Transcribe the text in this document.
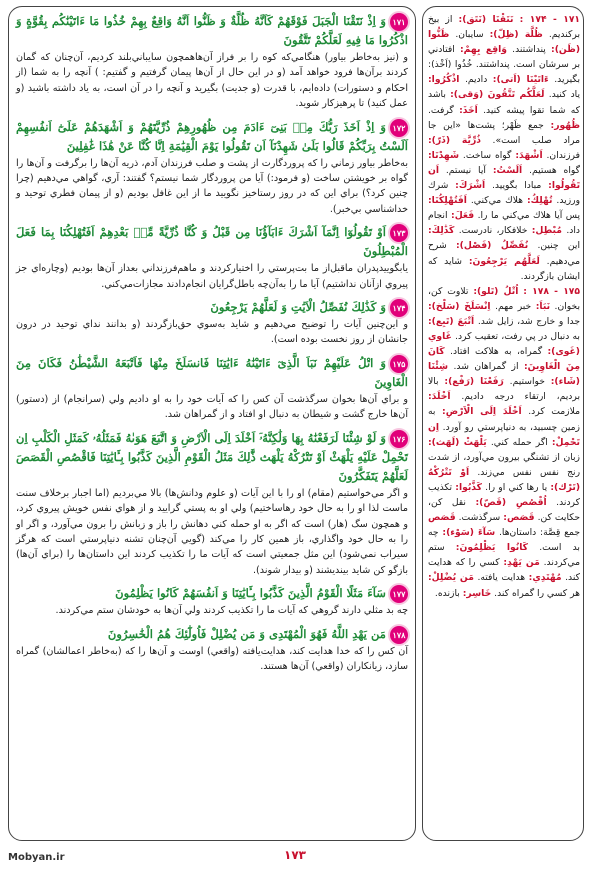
۱۷۱وَ اِذْ نَتَقْنَا الْجَبَلَ فَوْقَهُمْ كَاَنَّهُ ظُلَّةٌ وَ ظَنُّوا اَنَّهُ وَاقِعٌ بِهِمْ خُذُوا مَا ءَاتَيْنَٰكُم بِقُوَّةٍ وَ اذْكُرُوا مَا فِيهِ لَعَلَّكُمْ تَتَّقُونَ
و (نيز به‌خاطر بياور) هنگامي‌كه كوه را بر فراز آن‌ها‌همچون سايباني‌بلند كرديم، آن‌چنان كه گمان كردند برآن‌ها فرود خواهد آمد (و در اين حال از آن‌ها پيمان گرفتيم و گفتيم: ) آنچه را به شما (از احكام و دستورات) داده‌ايم، با قدرت (و جديت) بگيريد و آنچه را در آن است، به ياد داشته باشيد (و عمل كنيد) تا پرهيزكار شويد.
۱۷۲وَ اِذْ اَخَذَ رَبُّكَ مِنۢ بَنِىٓ ءَادَمَ مِن ظُهُورِهِمْ ذُرِّيَّتَهُمْ وَ اَشْهَدَهُمْ عَلَىٰٓ اَنفُسِهِمْ اَلَسْتُ بِرَبِّكُمْ قَالُوا بَلَىٰ شَهِدْنَآ اَن تَقُولُوا يَوْمَ الْقِيَٰمَةِ اِنَّا كُنَّا عَنْ هَٰذَا غَٰفِلِينَ
به‌خاطر بياور زماني را كه پروردگارت از پشت و صلب فرزندان آدم، ذريه آن‌ها را برگرفت و آن‌ها را گواه بر خويشتن ساخت (و فرمود:) آيا من پروردگار شما نيستم؟ گفتند: آري، گواهي مي‌دهيم (چرا چنين كرد؟) براي اين كه در روز رستاخيز نگوييد ما از اين غافل بوديم (و از پيمان فطري توحيد و خداشناسي بي‌خبر).
۱۷۳اَوْ تَقُولُوٓا اِنَّمَآ اَشْرَكَ ءَابَآؤُنَا مِن قَبْلُ وَ كُنَّا ذُرِّيَّةً مِّنۢ بَعْدِهِمْ اَفَتُهْلِكُنَا بِمَا فَعَلَ الْمُبْطِلُونَ
يابگوييدپدران ماقبل‌از ما بت‌پرستي را اختيار‌كردند و ما‌هم‌فرزنداني بعد‌از آن‌ها بوديم (وچاره‌اي جز پيروي از‌آنان نداشتيم) آيا ما را به‌آن‌چه باطل‌گرايان انجام‌دادند مجازات‌مي‌كني.
۱۷۴وَ كَذَٰلِكَ نُفَصِّلُ الْاَيَٰتِ وَ لَعَلَّهُمْ يَرْجِعُونَ
و اين‌چنين آيات را توضيح مي‌دهيم و شايد به‌سوي حق‌بازگردند (و بدانند نداي توحيد در درون جانشان از روز نخست بوده است).
۱۷۵وَ اتْلُ عَلَيْهِمْ نَبَاَ الَّذِىٓ ءَاتَيْنَٰهُ ءَايَٰتِنَا فَانسَلَخَ مِنْهَا فَاَتْبَعَهُ الشَّيْطَٰنُ فَكَانَ مِنَ الْغَاوِينَ
و براي آن‌ها بخوان سرگذشت آن كس را كه آيات خود را به او داديم ولي (سرانجام) از (دستور) آن‌ها خارج گشت و شيطان به دنبال او افتاد و از گمراهان شد.
۱۷۶وَ لَوْ شِئْنَا لَرَفَعْنَٰهُ بِهَا وَلَٰكِنَّهُۥٓ اَخْلَدَ اِلَى الْاَرْضِ وَ اتَّبَعَ هَوَىٰهُ فَمَثَلُهُۥ كَمَثَلِ الْكَلْبِ اِن تَحْمِلْ عَلَيْهِ يَلْهَثْ اَوْ تَتْرُكْهُ يَلْهَث ذَّٰلِكَ مَثَلُ الْقَوْمِ الَّذِينَ كَذَّبُوا بِـَٔايَٰتِنَا فَاقْصُصِ الْقَصَصَ لَعَلَّهُمْ يَتَفَكَّرُونَ
و اگر مي‌خواستيم (مقام) او را با اين آيات (و علوم ودانش‌ها) بالا مي‌برديم (اما اجبار برخلاف سنت ماست لذا او را به حال خود رهاساختيم) ولي او به پستي گراييد و از هواي نفس خويش پيروي كرد، و همچون سگ (هار) است كه اگر به او حمله كني دهانش را باز و زبانش را برون مي‌آورد، و اگر او را به حال خود واگذاري، باز همين كار را مي‌كند (گويي آن‌چنان تشنه دنياپرستي است كه هرگز سيراب نمي‌شود) اين مثل جمعيتي است كه آيات ما را تكذيب كردند اين داستان‌ها را (براي آن‌ها) بازگو كن شايد بينديشند (و بيدار شوند).
۱۷۷سَآءَ مَثَلًا الْقَوْمُ الَّذِينَ كَذَّبُوا بِـَٔايَٰتِنَا وَ اَنفُسَهُمْ كَانُوا يَظْلِمُونَ
چه بد مثلي دارند گروهي كه آيات ما را تكذيب كردند ولي آن‌ها به خودشان ستم مي‌كردند.
۱۷۸مَن يَهْدِ اللَّهُ فَهُوَ الْمُهْتَدِى وَ مَن يُضْلِلْ فَاُولَٰٓئِكَ هُمُ الْخَٰسِرُونَ
آن كس را كه خدا هدايت كند، هدايت‌يافته (واقعي) اوست و آن‌ها را كه (به‌خاطر اعمالشان) گمراه سازد، زيانكاران (واقعي) آن‌ها هستند.
۱۷۱ - ۱۷۴ : نَتَقْنَا (نَتَق): از بيخ بركنديم. ظُلَّة (ظِلّ): سايبان. ظَنُّوا (ظَن): پنداشتند. وَاقِع بِهِمْ: افتادني بر سرشان است. پنداشتند. خُذُوا (اَخْذ): بگيريد. ءَاتَيْنَا (اَتى): داديم. اذْكُرُوا: ياد كنيد. لَعَلَّكُم تَتَّقُونَ (وَقى): باشد كه شما تقوا پيشه كنيد. اَخَذَ: گرفت. ظُهُور: جمع ظَهْر؛ پشت‌ها «اين جا مراد صلب است». ذُرِّيَّة (ذَرّ): فرزندان. اَشْهَدَ: گواه ساخت. شَهِدْنَا: گواه هستيم. اَلَسْتُ: آيا نيستم. اَن تَقُولُوا: مبادا بگوييد. اَشْرَكَ: شرك ورزيد. تُهْلِكُ: هلاك مي‌كني. اَفَتُهْلِكُنَا: پس آيا هلاك مي‌كني ما را. فَعَلَ: انجام داد. مُبْطِل: خلافكار، نادرست. كَذَٰلِكَ: اين چنين. نُفَصِّلُ (فَصْل): شرح مي‌دهيم. لَعَلَّهُم يَرْجِعُونَ: شايد كه ايشان بازگردند.
۱۷۵ - ۱۷۸ : اُتْلُ (تَلو): تلاوت كن، بخوان. نَبَاَ: خبر مهم. اِنْسَلَخَ (سَلْخ): جدا و خارج شد، زايل شد. اَتْبَعَ (تَبِع): به دنبال در پي رفت، تعقيب كرد. غَاوي (غَوى): گمراه، به هلاكت افتاد. كَانَ مِنَ الْغَاوِينَ: از گمراهان شد. شِئْنَا (شَاء): خواستيم. رَفَعْنَا (رَفْع): بالا برديم، ارتقاء درجه داديم. اَخْلَدَ: ملازمت كرد. اَخْلَدَ اِلَى الْاَرْضِ: به زمين چسبيد، به دنياپرستي رو آورد. اِن تَحْمِلْ: اگر حمله كني. يَلْهَثْ (لَهَث): زبان از تشنگي بيرون مي‌آورد، از شدت رنج نفس نفس مي‌زند. اَوْ تَتْرُكْهُ (تَرْك): يا رها كني او را. كَذَّبُوا: تكذيب كردند. اُقْصُصِ (قَصّ): نقل كن، حكايت كن. قَصَص: سرگذشت. قَصَص جمع قِصَّة: داستان‌ها. سَآءَ (سَوْء): چه بد است. كَانُوا يَظْلِمُونَ: ستم مي‌كردند. مَن يَهْدِ: كسي را كه هدايت كند. مُهْتَدِي: هدايت يافته. مَن يُضْلِلْ: هر كسي را گمراه كند. خَاسِر: بازنده.
Mobyan.ir	۱۷۳
